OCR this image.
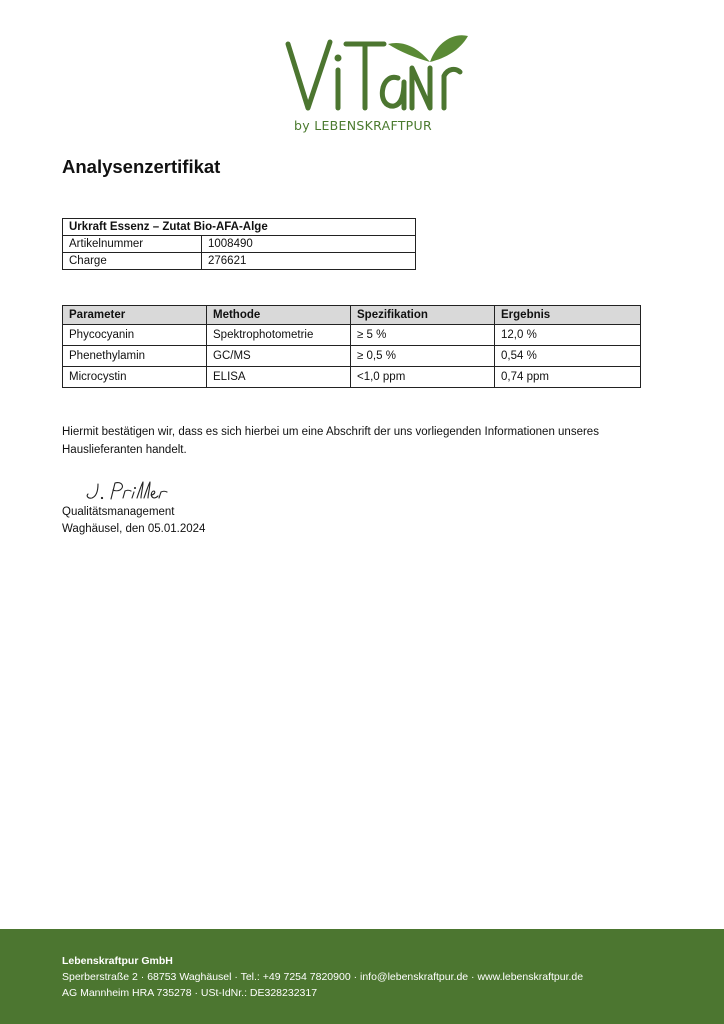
by LEBENSKRAFTPUR
Analysenzertifikat
Urkraft Essenz – Zutat Bio-AFA-Alge	
Artikelnummer	1008490
Charge	276621
Parameter	Methode	Spezifikation	Ergebnis
Phycocyanin	Spektrophotometrie	≥ 5 %	12,0 %
Phenethylamin	GC/MS	≥ 0,5 %	0,54 %
Microcystin	ELISA	<1,0 ppm	0,74 ppm
Hiermit bestätigen wir, dass es sich hierbei um eine Abschrift der uns vorliegenden Informationen unseres Hauslieferanten handelt.
Qualitätsmanagement
Waghäusel, den 05.01.2024
Lebenskraftpur GmbH
Sperberstraße 2 · 68753 Waghäusel · Tel.: +49 7254 7820900 · info@lebenskraftpur.de · www.lebenskraftpur.de
AG Mannheim HRA 735278 · USt-IdNr.: DE328232317
